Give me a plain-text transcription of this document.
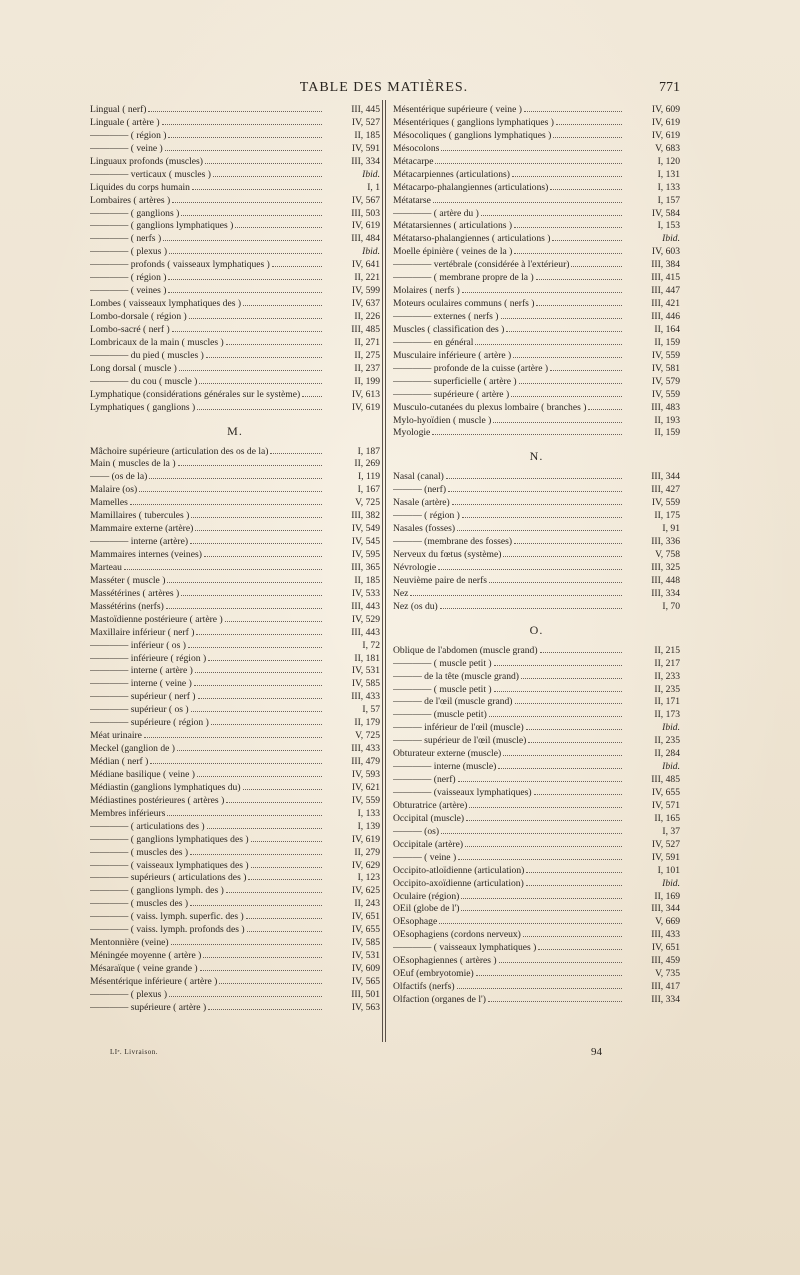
TABLE DES MATIÈRES.	771
Lingual ( nerf)	III, 445
Linguale ( artère )	IV, 527
———— ( région )	II, 185
———— ( veine )	IV, 591
Linguaux profonds (muscles)	III, 334
———— verticaux ( muscles )	Ibid.
Liquides du corps humain	I, 1
Lombaires ( artères )	IV, 567
———— ( ganglions )	III, 503
———— ( ganglions lymphatiques )	IV, 619
———— ( nerfs )	III, 484
———— ( plexus )	Ibid.
———— profonds ( vaisseaux lymphatiques )	IV, 641
———— ( région )	II, 221
———— ( veines )	IV, 599
Lombes ( vaisseaux lymphatiques des )	IV, 637
Lombo-dorsale ( région )	II, 226
Lombo-sacré ( nerf )	III, 485
Lombricaux de la main ( muscles )	II, 271
———— du pied ( muscles )	II, 275
Long dorsal ( muscle )	II, 237
———— du cou ( muscle )	II, 199
Lymphatique (considérations générales sur le système)	IV, 613
Lymphatiques ( ganglions )	IV, 619
M.
Mâchoire supérieure (articulation des os de la)	I, 187
Main ( muscles de la )	II, 269
—— (os de la)	I, 119
Malaire (os)	I, 167
Mamelles	V, 725
Mamillaires ( tubercules )	III, 382
Mammaire externe (artère)	IV, 549
———— interne (artère)	IV, 545
Mammaires internes (veines)	IV, 595
Marteau	III, 365
Masséter ( muscle )	II, 185
Massétérines ( artères )	IV, 533
Massétérins (nerfs)	III, 443
Mastoïdienne postérieure ( artère )	IV, 529
Maxillaire inférieur ( nerf )	III, 443
———— inférieur ( os )	I, 72
———— inférieure ( région )	II, 181
———— interne ( artère )	IV, 531
———— interne ( veine )	IV, 585
———— supérieur ( nerf )	III, 433
———— supérieur ( os )	I, 57
———— supérieure ( région )	II, 179
Méat urinaire	V, 725
Meckel (ganglion de )	III, 433
Médian ( nerf )	III, 479
Médiane basilique ( veine )	IV, 593
Médiastin (ganglions lymphatiques du)	IV, 621
Médiastines postérieures ( artères )	IV, 559
Membres inférieurs	I, 133
———— ( articulations des )	I, 139
———— ( ganglions lymphatiques des )	IV, 619
———— ( muscles des )	II, 279
———— ( vaisseaux lymphatiques des )	IV, 629
———— supérieurs ( articulations des )	I, 123
———— ( ganglions lymph. des )	IV, 625
———— ( muscles des )	II, 243
———— ( vaiss. lymph. superfic. des )	IV, 651
———— ( vaiss. lymph. profonds des )	IV, 655
Mentonnière (veine)	IV, 585
Méningée moyenne ( artère )	IV, 531
Mésaraïque ( veine grande )	IV, 609
Mésentérique inférieure ( artère )	IV, 565
———— ( plexus )	III, 501
———— supérieure ( artère )	IV, 563
Mésentérique supérieure ( veine )	IV, 609
Mésentériques ( ganglions lymphatiques )	IV, 619
Mésocoliques ( ganglions lymphatiques )	IV, 619
Mésocolons	V, 683
Métacarpe	I, 120
Métacarpiennes (articulations)	I, 131
Métacarpo-phalangiennes (articulations)	I, 133
Métatarse	I, 157
———— ( artère du )	IV, 584
Métatarsiennes ( articulations )	I, 153
Métatarso-phalangiennes ( articulations )	Ibid.
Moelle épinière ( veines de la )	IV, 603
———— vertébrale (considérée à l'extérieur)	III, 384
———— ( membrane propre de la )	III, 415
Molaires ( nerfs )	III, 447
Moteurs oculaires communs ( nerfs )	III, 421
———— externes ( nerfs )	III, 446
Muscles ( classification des )	II, 164
———— en général	II, 159
Musculaire inférieure ( artère )	IV, 559
———— profonde de la cuisse (artère )	IV, 581
———— superficielle ( artère )	IV, 579
———— supérieure ( artère )	IV, 559
Musculo-cutanées du plexus lombaire ( branches )	III, 483
Mylo-hyoïdien ( muscle )	II, 193
Myologie	II, 159
N.
Nasal (canal)	III, 344
——— (nerf)	III, 427
Nasale (artère)	IV, 559
——— ( région )	II, 175
Nasales (fosses)	I, 91
——— (membrane des fosses)	III, 336
Nerveux du fœtus (système)	V, 758
Névrologie	III, 325
Neuvième paire de nerfs	III, 448
Nez	III, 334
Nez (os du)	I, 70
O.
Oblique de l'abdomen (muscle grand)	II, 215
———— ( muscle petit )	II, 217
——— de la tête (muscle grand)	II, 233
———— ( muscle petit )	II, 235
——— de l'œil (muscle grand)	II, 171
———— (muscle petit)	II, 173
——— inférieur de l'œil (muscle)	Ibid.
——— supérieur de l'œil (muscle)	II, 235
Obturateur externe (muscle)	II, 284
———— interne (muscle)	Ibid.
———— (nerf)	III, 485
———— (vaisseaux lymphatiques)	IV, 655
Obturatrice (artère)	IV, 571
Occipital (muscle)	II, 165
——— (os)	I, 37
Occipitale (artère)	IV, 527
——— ( veine )	IV, 591
Occipito-atloïdienne (articulation)	I, 101
Occipito-axoïdienne (articulation)	Ibid.
Oculaire (région)	II, 169
OEil (globe de l')	III, 344
OEsophage	V, 669
OEsophagiens (cordons nerveux)	III, 433
———— ( vaisseaux lymphatiques )	IV, 651
OEsophagiennes ( artères )	III, 459
OEuf (embryotomie)	V, 735
Olfactifs (nerfs)	III, 417
Olfaction (organes de l')	III, 334
LIᵉ. Livraison.	94
